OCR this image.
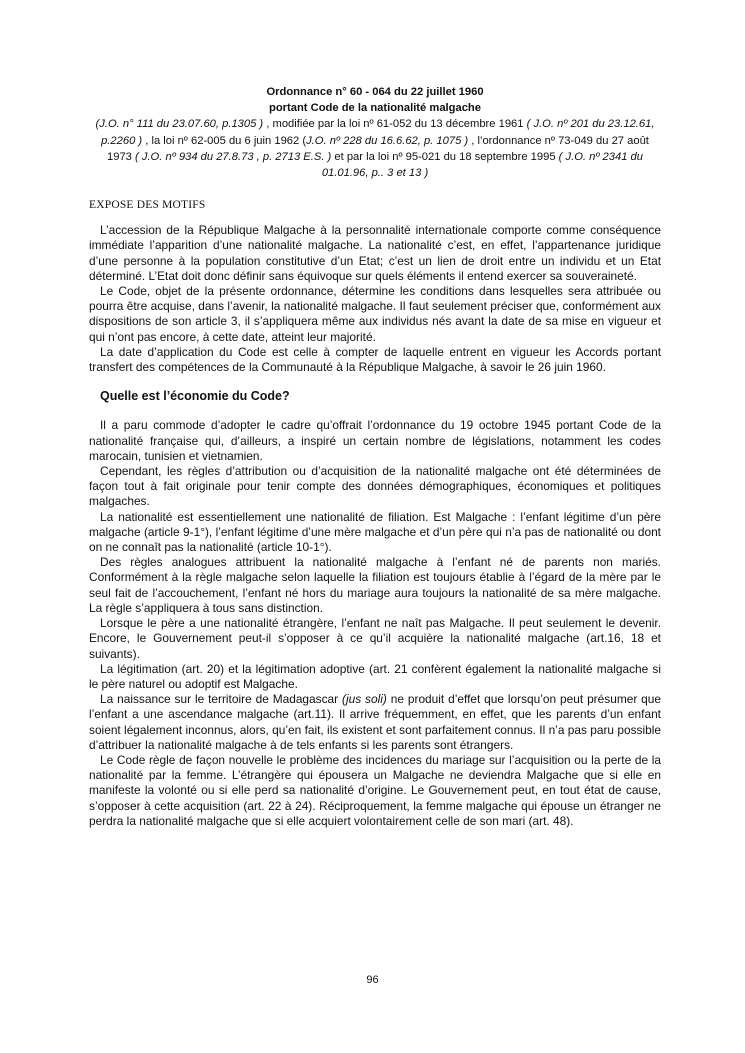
Ordonnance n° 60 - 064 du 22 juillet 1960
portant Code de la nationalité malgache
(J.O. n° 111 du 23.07.60, p.1305 ) , modifiée par la loi nº 61-052 du 13 décembre 1961 ( J.O. nº 201 du 23.12.61, p.2260 ) , la loi nº 62-005 du 6 juin 1962 (J.O. nº 228 du 16.6.62, p. 1075 ) , l’ordonnance nº 73-049 du 27 août 1973 ( J.O. nº 934 du 27.8.73 , p. 2713 E.S. ) et par la loi nº 95-021 du 18 septembre 1995 ( J.O. nº 2341 du 01.01.96, p.. 3 et 13 )
EXPOSE DES MOTIFS

L’accession de la République Malgache à la personnalité internationale comporte comme conséquence immédiate l’apparition d’une nationalité malgache. La nationalité c’est, en effet, l’appartenance juridique d’une personne à la population constitutive d’un Etat; c’est un lien de droit entre un individu et un Etat déterminé. L’Etat doit donc définir sans équivoque sur quels éléments il entend exercer sa souveraineté.

Le Code, objet de la présente ordonnance, détermine les conditions dans lesquelles sera attribuée ou pourra être acquise, dans l’avenir, la nationalité malgache. Il faut seulement préciser que, conformément aux dispositions de son article 3, il s’appliquera même aux individus nés avant la date de sa mise en vigueur et qui n’ont pas encore, à cette date, atteint leur majorité.

La date d’application du Code est celle à compter de laquelle entrent en vigueur les Accords portant transfert des compétences de la Communauté à la République Malgache, à savoir le 26 juin 1960.

Quelle est l’économie du Code?

Il a paru commode d’adopter le cadre qu’offrait l’ordonnance du 19 octobre 1945 portant Code de la nationalité française qui, d’ailleurs, a inspiré un certain nombre de législations, notamment les codes marocain, tunisien et vietnamien.

Cependant, les règles d’attribution ou d’acquisition de la nationalité malgache ont été déterminées de façon tout à fait originale pour tenir compte des données démographiques, économiques et politiques malgaches.

La nationalité est essentiellement une nationalité de filiation. Est Malgache : l’enfant légitime d’un père malgache (article 9-1°), l’enfant légitime d’une mère malgache et d’un père qui n’a pas de nationalité ou dont on ne connaît pas la nationalité (article 10-1°).

Des règles analogues attribuent la nationalité malgache à l’enfant né de parents non mariés. Conformément à la règle malgache selon laquelle la filiation est toujours établie à l’égard de la mère par le seul fait de l’accouchement, l’enfant né hors du mariage aura toujours la nationalité de sa mère malgache. La règle s’appliquera à tous sans distinction.

Lorsque le père a une nationalité étrangère, l’enfant ne naît pas Malgache. Il peut seulement le devenir. Encore, le Gouvernement peut-il s’opposer à ce qu’il acquière la nationalité malgache (art.16, 18 et suivants).

La légitimation (art. 20) et la légitimation adoptive (art. 21 confèrent également la nationalité malgache si le père naturel ou adoptif est Malgache.

La naissance sur le territoire de Madagascar (jus soli) ne produit d’effet que lorsqu’on peut présumer que l’enfant a une ascendance malgache (art.11). Il arrive fréquemment, en effet, que les parents d’un enfant soient légalement inconnus, alors, qu’en fait, ils existent et sont parfaitement connus. Il n’a pas paru possible d’attribuer la nationalité malgache à de tels enfants si les parents sont étrangers.

Le Code règle de façon nouvelle le problème des incidences du mariage sur l’acquisition ou la perte de la nationalité par la femme. L’étrangère qui épousera un Malgache ne deviendra Malgache que si elle en manifeste la volonté ou si elle perd sa nationalité d’origine. Le Gouvernement peut, en tout état de cause, s’opposer à cette acquisition (art. 22 à 24). Réciproquement, la femme malgache qui épouse un étranger ne perdra la nationalité malgache que si elle acquiert volontairement celle de son mari (art. 48).

96
